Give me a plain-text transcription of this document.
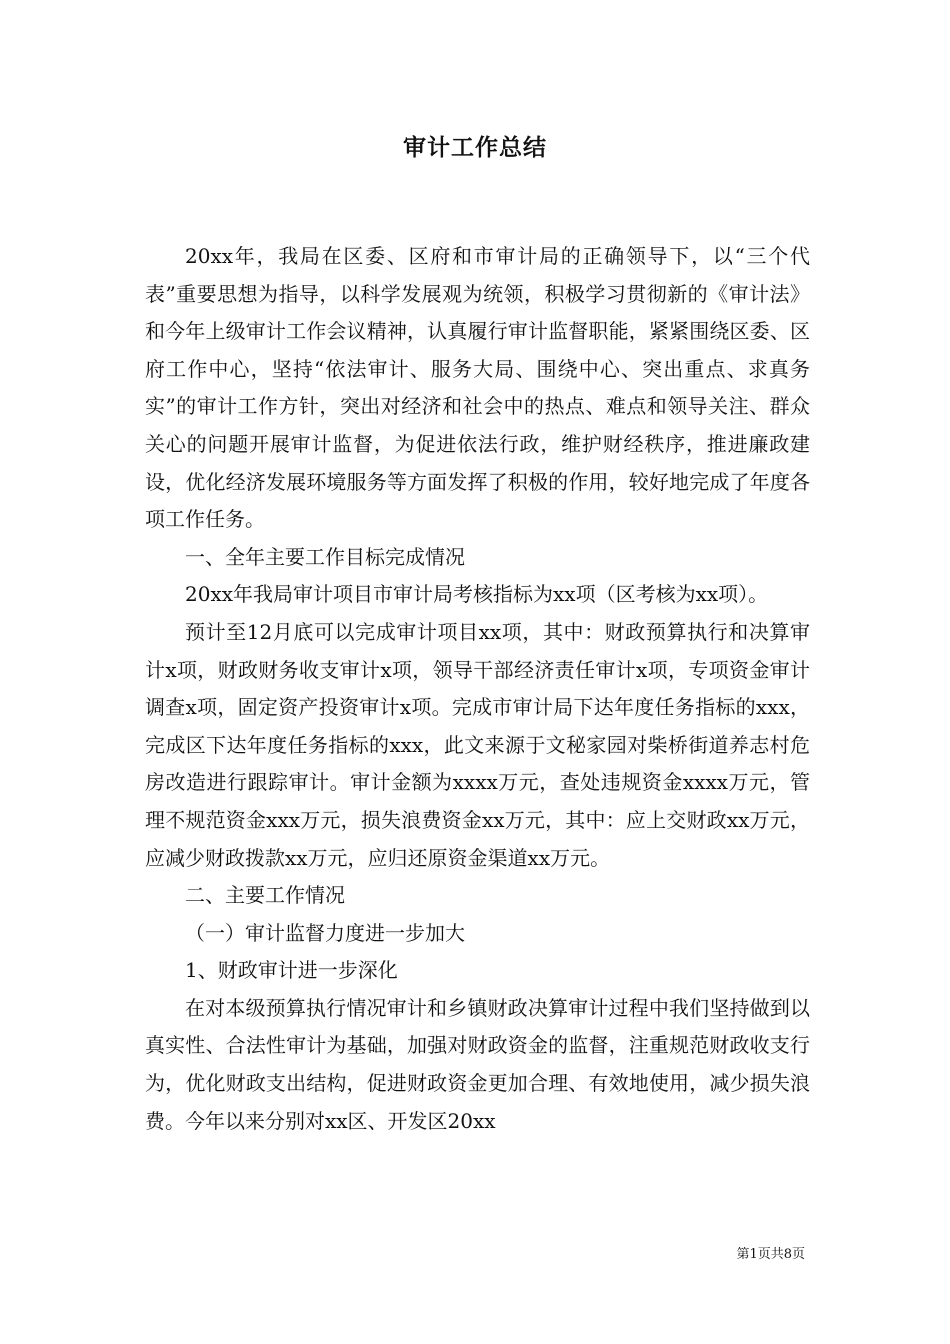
审计工作总结

20xx年，我局在区委、区府和市审计局的正确领导下，以“三个代表”重要思想为指导，以科学发展观为统领，积极学习贯彻新的《审计法》和今年上级审计工作会议精神，认真履行审计监督职能，紧紧围绕区委、区府工作中心，坚持“依法审计、服务大局、围绕中心、突出重点、求真务实”的审计工作方针，突出对经济和社会中的热点、难点和领导关注、群众关心的问题开展审计监督，为促进依法行政，维护财经秩序，推进廉政建设，优化经济发展环境服务等方面发挥了积极的作用，较好地完成了年度各项工作任务。

一、全年主要工作目标完成情况

20xx年我局审计项目市审计局考核指标为xx项（区考核为xx项）。

预计至12月底可以完成审计项目xx项，其中：财政预算执行和决算审计x项，财政财务收支审计x项，领导干部经济责任审计x项，专项资金审计调查x项，固定资产投资审计x项。完成市审计局下达年度任务指标的xxx，完成区下达年度任务指标的xxx，此文来源于文秘家园对柴桥街道养志村危房改造进行跟踪审计。审计金额为xxxx万元，查处违规资金xxxx万元，管理不规范资金xxx万元，损失浪费资金xx万元，其中：应上交财政xx万元，应减少财政拨款xx万元，应归还原资金渠道xx万元。

二、主要工作情况

（一）审计监督力度进一步加大

1、财政审计进一步深化

在对本级预算执行情况审计和乡镇财政决算审计过程中我们坚持做到以真实性、合法性审计为基础，加强对财政资金的监督，注重规范财政收支行为，优化财政支出结构，促进财政资金更加合理、有效地使用，减少损失浪费。今年以来分别对xx区、开发区20xx

第1页共8页
